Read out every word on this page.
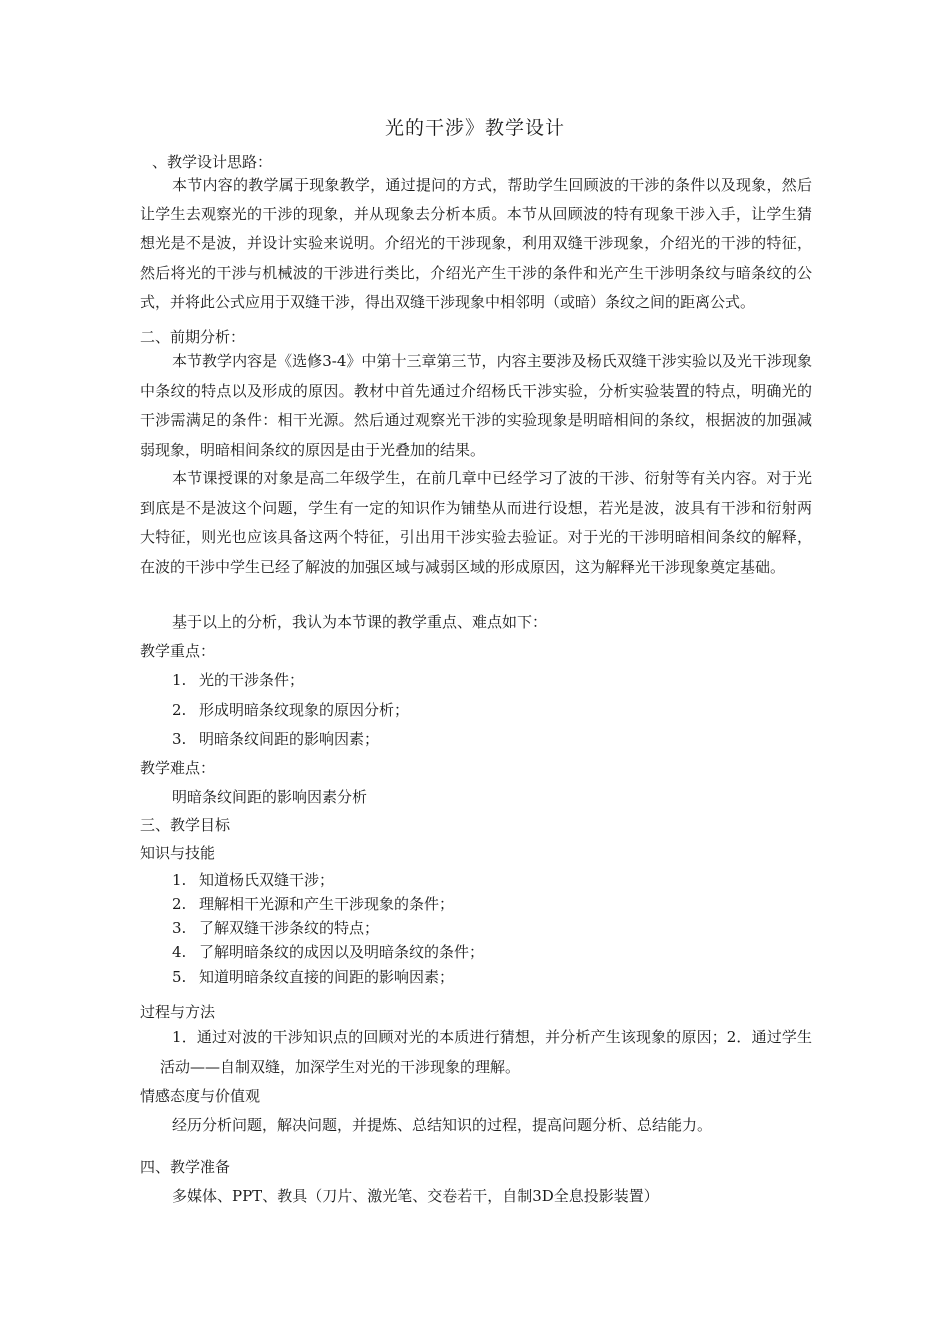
光的干涉》教学设计
、教学设计思路：

本节内容的教学属于现象教学，通过提问的方式，帮助学生回顾波的干涉的条件以及现象，然后让学生去观察光的干涉的现象，并从现象去分析本质。本节从回顾波的特有现象干涉入手，让学生猜想光是不是波，并设计实验来说明。介绍光的干涉现象，利用双缝干涉现象，介绍光的干涉的特征，然后将光的干涉与机械波的干涉进行类比，介绍光产生干涉的条件和光产生干涉明条纹与暗条纹的公式，并将此公式应用于双缝干涉，得出双缝干涉现象中相邻明（或暗）条纹之间的距离公式。

二、前期分析：

本节教学内容是《选修3-4》中第十三章第三节，内容主要涉及杨氏双缝干涉实验以及光干涉现象中条纹的特点以及形成的原因。教材中首先通过介绍杨氏干涉实验，分析实验装置的特点，明确光的干涉需满足的条件：相干光源。然后通过观察光干涉的实验现象是明暗相间的条纹，根据波的加强减弱现象，明暗相间条纹的原因是由于光叠加的结果。

本节课授课的对象是高二年级学生，在前几章中已经学习了波的干涉、衍射等有关内容。对于光到底是不是波这个问题，学生有一定的知识作为铺垫从而进行设想，若光是波，波具有干涉和衍射两大特征，则光也应该具备这两个特征，引出用干涉实验去验证。对于光的干涉明暗相间条纹的解释，在波的干涉中学生已经了解波的加强区域与减弱区域的形成原因，这为解释光干涉现象奠定基础。

基于以上的分析，我认为本节课的教学重点、难点如下：
教学重点：
1. 光的干涉条件；
2. 形成明暗条纹现象的原因分析；
3. 明暗条纹间距的影响因素；
教学难点：
明暗条纹间距的影响因素分析
三、教学目标
知识与技能
1. 知道杨氏双缝干涉；
2. 理解相干光源和产生干涉现象的条件；
3. 了解双缝干涉条纹的特点；
4. 了解明暗条纹的成因以及明暗条纹的条件；
5. 知道明暗条纹直接的间距的影响因素；
过程与方法

1．通过对波的干涉知识点的回顾对光的本质进行猜想，并分析产生该现象的原因；2．通过学生活动——自制双缝，加深学生对光的干涉现象的理解。

情感态度与价值观
经历分析问题，解决问题，并提炼、总结知识的过程，提高问题分析、总结能力。
四、教学准备
多媒体、PPT、教具（刀片、激光笔、交卷若干，自制3D全息投影装置）
